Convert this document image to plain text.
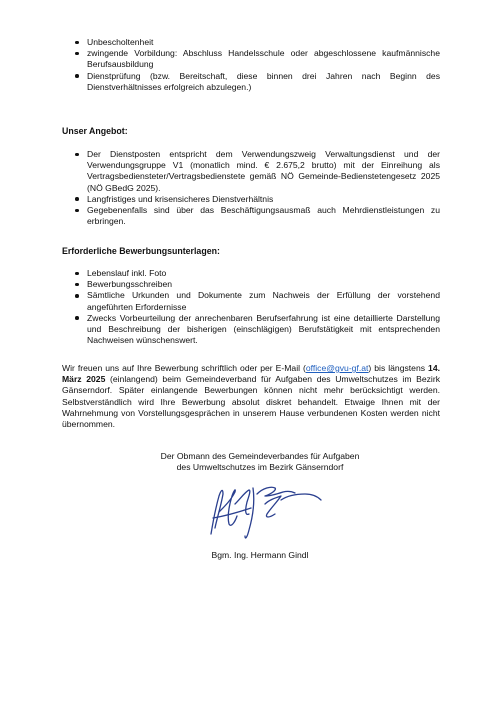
Unbescholtenheit
zwingende Vorbildung: Abschluss Handelsschule oder abgeschlossene kaufmännische Berufsausbildung
Dienstprüfung (bzw. Bereitschaft, diese binnen drei Jahren nach Beginn des Dienstverhältnisses erfolgreich abzulegen.)
Unser Angebot:
Der Dienstposten entspricht dem Verwendungszweig Verwaltungsdienst und der Verwendungsgruppe V1 (monatlich mind. € 2.675,2 brutto) mit der Einreihung als Vertragsbediensteter/Vertragsbedienstete gemäß NÖ Gemeinde-Bedienstetengesetz 2025 (NÖ GBedG 2025).
Langfristiges und krisensicheres Dienstverhältnis
Gegebenenfalls sind über das Beschäftigungsausmaß auch Mehrdienstleistungen zu erbringen.
Erforderliche Bewerbungsunterlagen:
Lebenslauf inkl. Foto
Bewerbungsschreiben
Sämtliche Urkunden und Dokumente zum Nachweis der Erfüllung der vorstehend angeführten Erfordernisse
Zwecks Vorbeurteilung der anrechenbaren Berufserfahrung ist eine detaillierte Darstellung und Beschreibung der bisherigen (einschlägigen) Berufstätigkeit mit entsprechenden Nachweisen wünschenswert.

Wir freuen uns auf Ihre Bewerbung schriftlich oder per E-Mail (office@gvu-gf.at) bis längstens 14. März 2025 (einlangend) beim Gemeindeverband für Aufgaben des Umweltschutzes im Bezirk Gänserndorf. Später einlangende Bewerbungen können nicht mehr berücksichtigt werden. Selbstverständlich wird Ihre Bewerbung absolut diskret behandelt. Etwaige Ihnen mit der Wahrnehmung von Vorstellungsgesprächen in unserem Hause verbundenen Kosten werden nicht übernommen.

Der Obmann des Gemeindeverbandes für Aufgaben
des Umweltschutzes im Bezirk Gänserndorf
Bgm. Ing. Hermann Gindl
